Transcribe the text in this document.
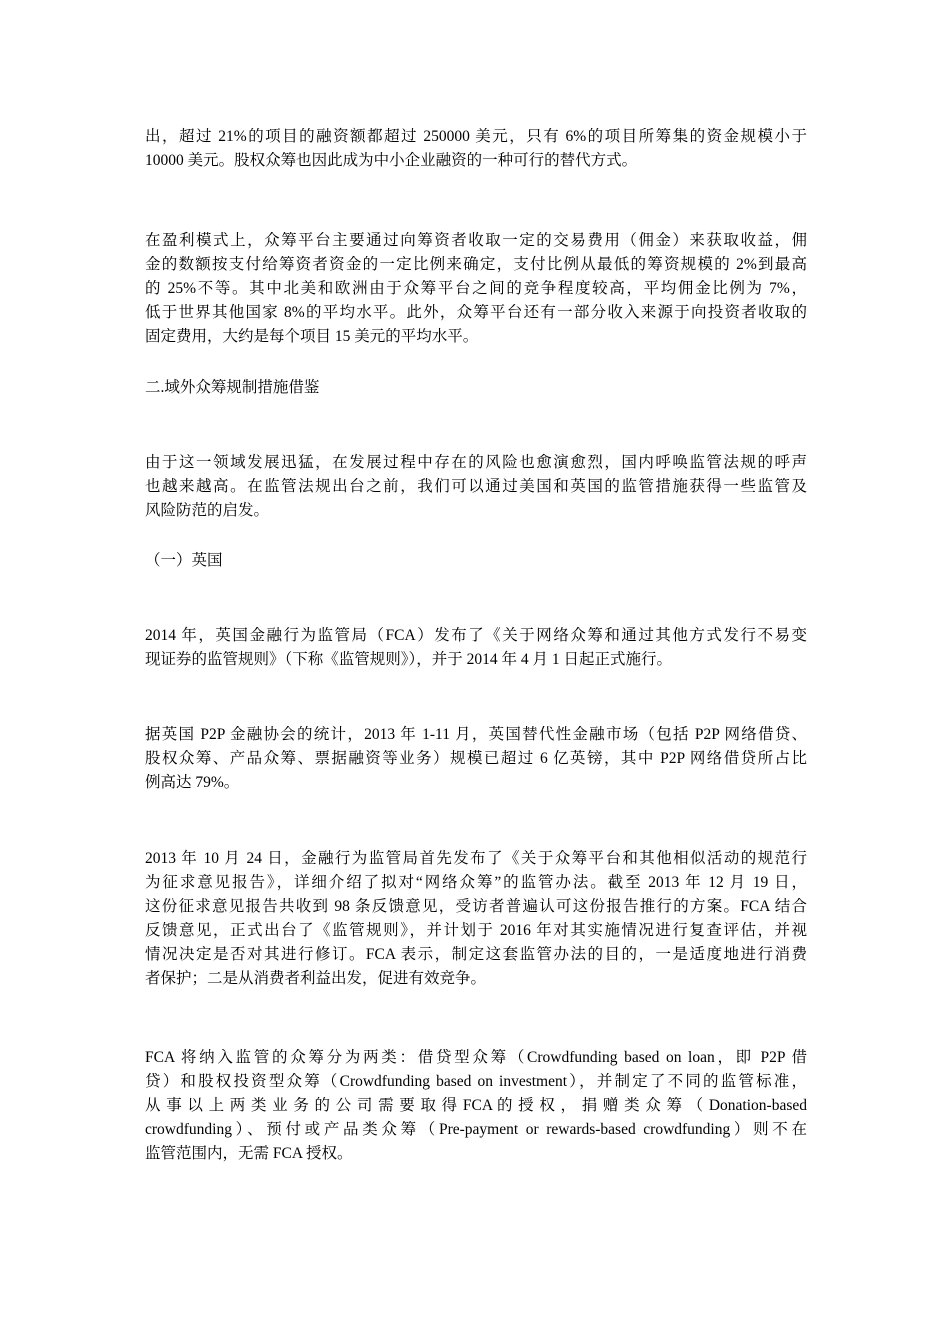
出，超过 21%的项目的融资额都超过 250000 美元，只有 6%的项目所筹集的资金规模小于
10000 美元。股权众筹也因此成为中小企业融资的一种可行的替代方式。
在盈利模式上，众筹平台主要通过向筹资者收取一定的交易费用（佣金）来获取收益，佣
金的数额按支付给筹资者资金的一定比例来确定，支付比例从最低的筹资规模的 2%到最高
的 25%不等。其中北美和欧洲由于众筹平台之间的竞争程度较高，平均佣金比例为 7%，
低于世界其他国家 8%的平均水平。此外，众筹平台还有一部分收入来源于向投资者收取的
固定费用，大约是每个项目 15 美元的平均水平。

二.域外众筹规制措施借鉴

由于这一领域发展迅猛，在发展过程中存在的风险也愈演愈烈，国内呼唤监管法规的呼声
也越来越高。在监管法规出台之前，我们可以通过美国和英国的监管措施获得一些监管及
风险防范的启发。

（一）英国

2014 年，英国金融行为监管局（FCA）发布了《关于网络众筹和通过其他方式发行不易变
现证券的监管规则》（下称《监管规则》），并于 2014 年 4 月 1 日起正式施行。
据英国 P2P 金融协会的统计，2013 年 1-11 月，英国替代性金融市场（包括 P2P 网络借贷、
股权众筹、产品众筹、票据融资等业务）规模已超过 6 亿英镑，其中 P2P 网络借贷所占比
例高达 79%。
2013 年 10 月 24 日，金融行为监管局首先发布了《关于众筹平台和其他相似活动的规范行
为征求意见报告》，详细介绍了拟对“网络众筹”的监管办法。截至 2013 年 12 月 19 日，
这份征求意见报告共收到 98 条反馈意见，受访者普遍认可这份报告推行的方案。FCA 结合
反馈意见，正式出台了《监管规则》，并计划于 2016 年对其实施情况进行复查评估，并视
情况决定是否对其进行修订。FCA 表示，制定这套监管办法的目的，一是适度地进行消费
者保护；二是从消费者利益出发，促进有效竞争。
FCA 将纳入监管的众筹分为两类：借贷型众筹（Crowdfunding based on loan，即 P2P 借
贷）和股权投资型众筹（Crowdfunding based on investment），并制定了不同的监管标准，
从 事 以 上 两 类 业 务 的 公 司 需 要 取 得 FCA 的 授 权 ， 捐 赠 类 众 筹 （ Donation-based
crowdfunding）、预付或产品类众筹（Pre-payment or rewards-based crowdfunding）则不在
监管范围内，无需 FCA 授权。
